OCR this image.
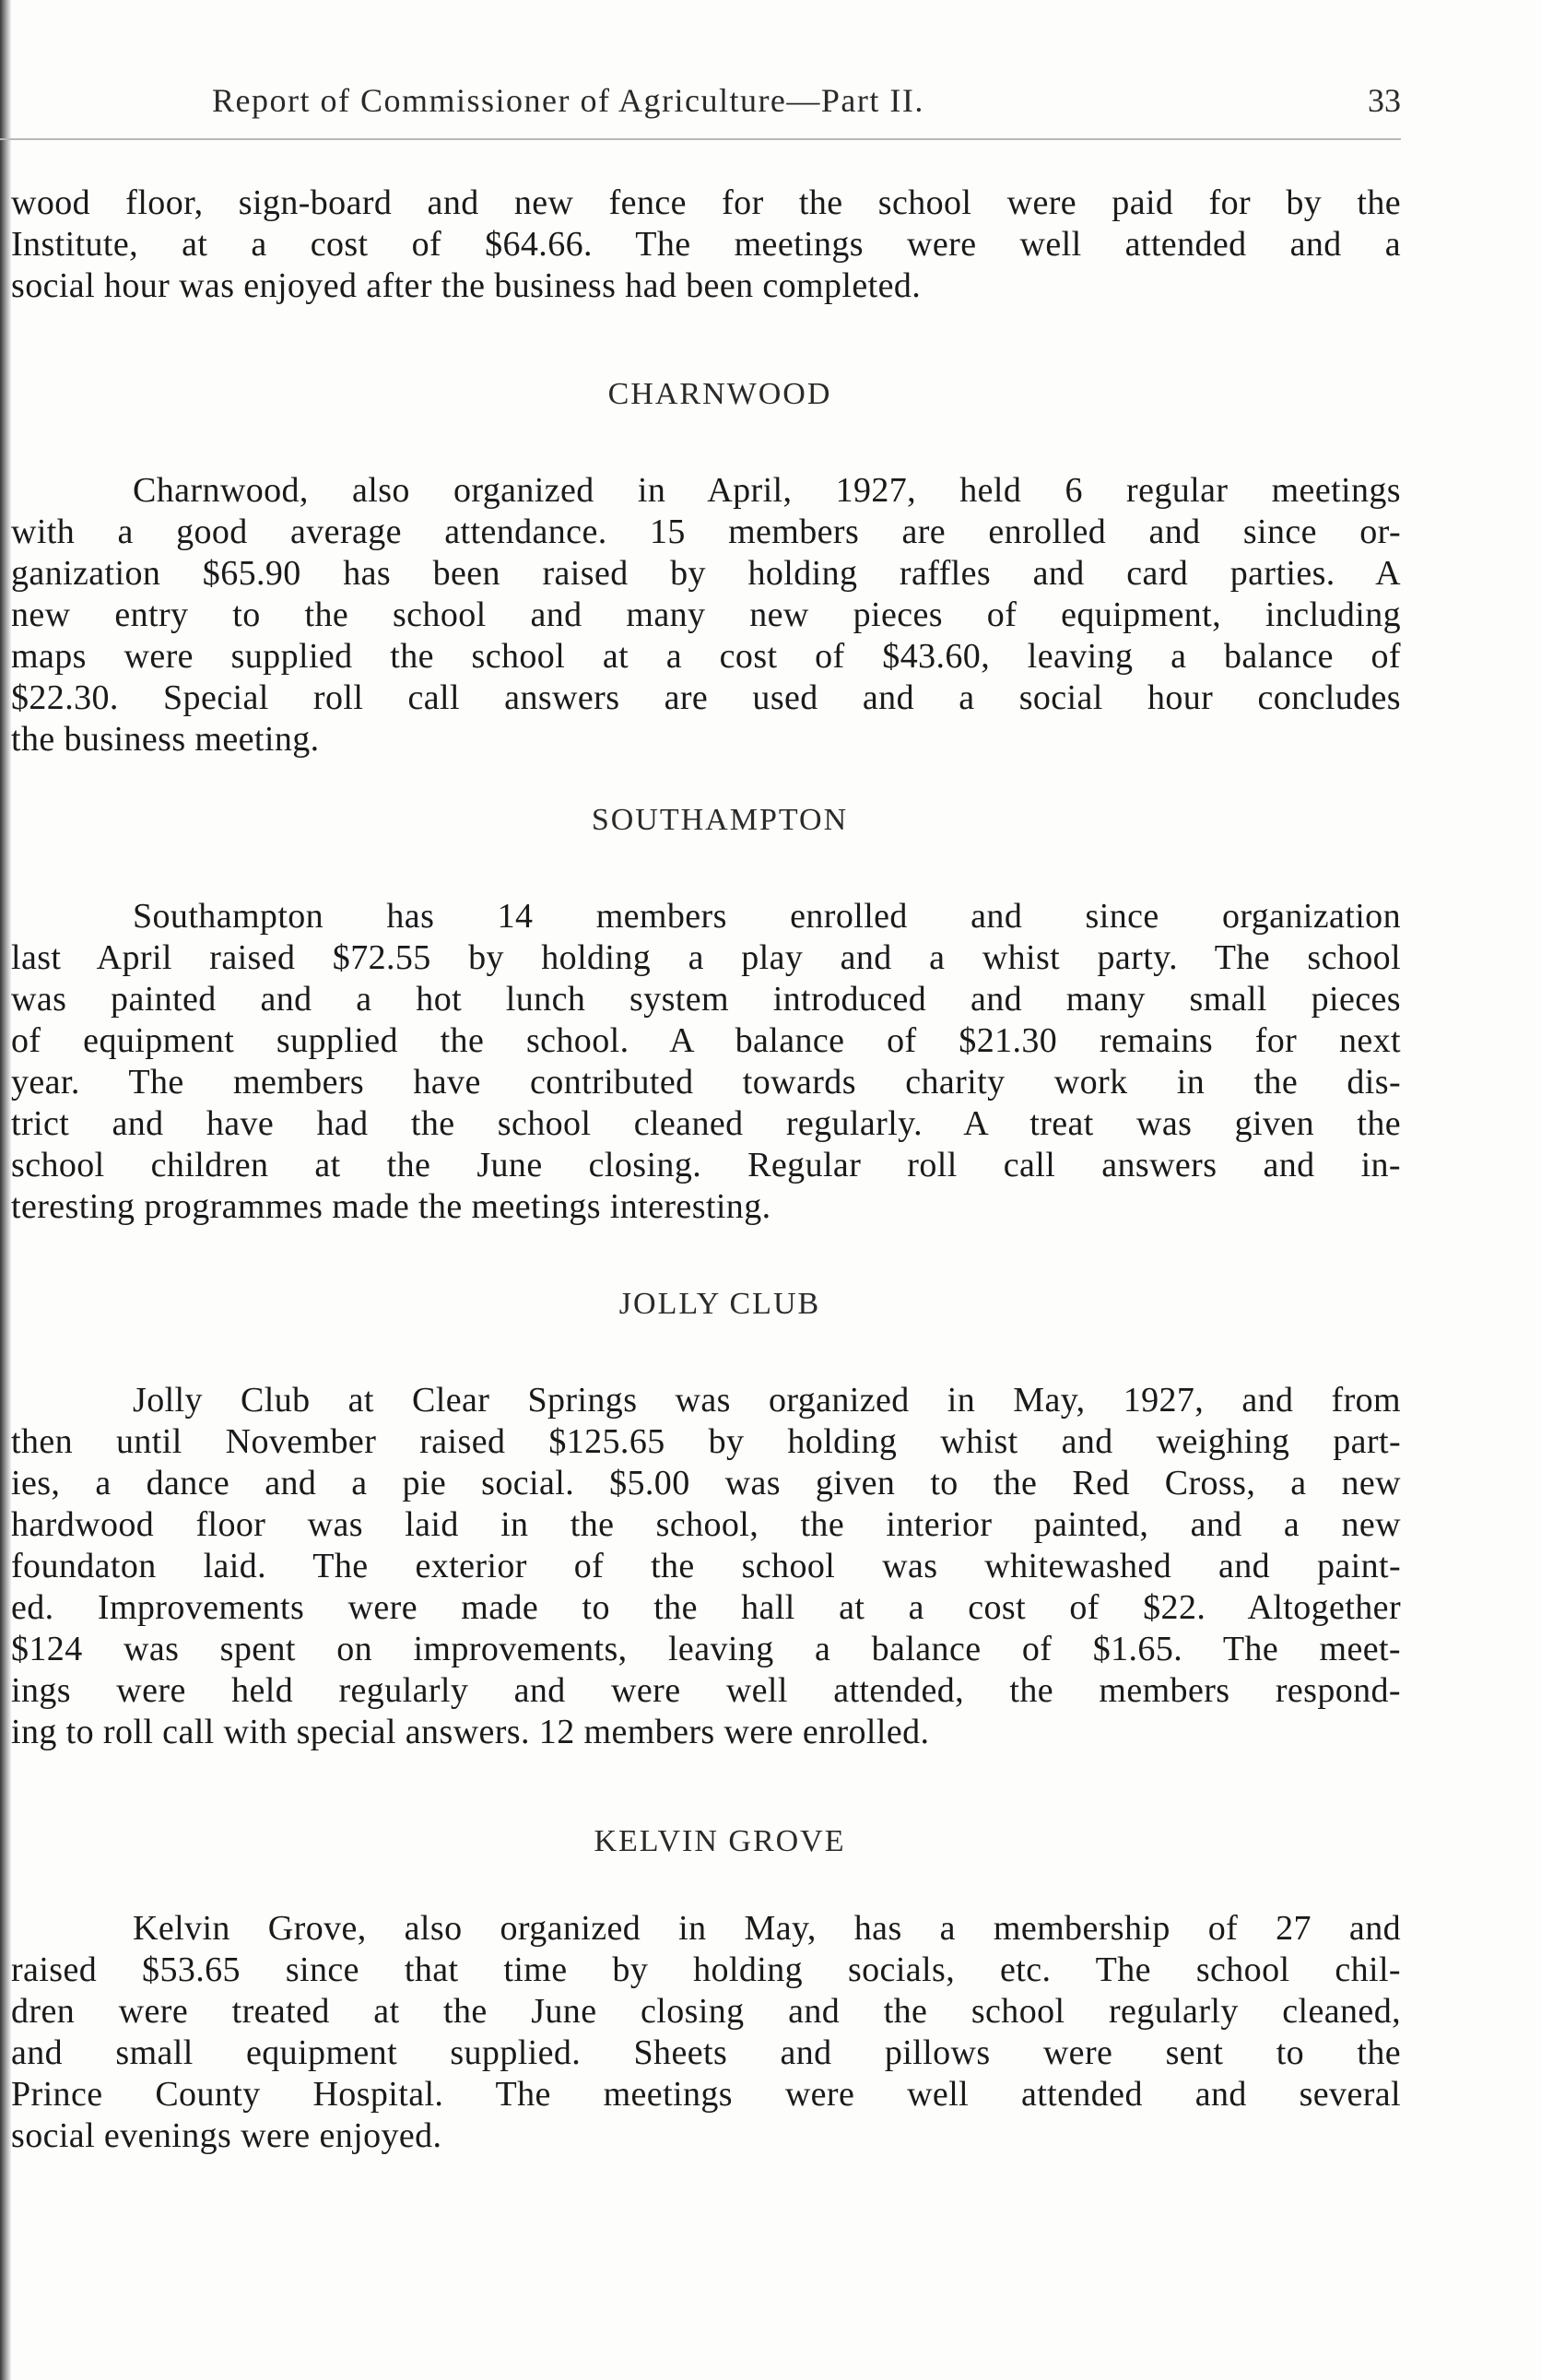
Report of Commissioner of Agriculture—Part II.	33
wood floor, sign-board and new fence for the school were paid for by the
Institute, at a cost of $64.66. The meetings were well attended and a
social hour was enjoyed after the business had been completed.
CHARNWOOD
Charnwood, also organized in April, 1927, held 6 regular meetings
with a good average attendance. 15 members are enrolled and since or-
ganization $65.90 has been raised by holding raffles and card parties. A
new entry to the school and many new pieces of equipment, including
maps were supplied the school at a cost of $43.60, leaving a balance of
$22.30. Special roll call answers are used and a social hour concludes
the business meeting.
SOUTHAMPTON
Southampton has 14 members enrolled and since organization
last April raised $72.55 by holding a play and a whist party. The school
was painted and a hot lunch system introduced and many small pieces
of equipment supplied the school. A balance of $21.30 remains for next
year. The members have contributed towards charity work in the dis-
trict and have had the school cleaned regularly. A treat was given the
school children at the June closing. Regular roll call answers and in-
teresting programmes made the meetings interesting.
JOLLY CLUB
Jolly Club at Clear Springs was organized in May, 1927, and from
then until November raised $125.65 by holding whist and weighing part-
ies, a dance and a pie social. $5.00 was given to the Red Cross, a new
hardwood floor was laid in the school, the interior painted, and a new
foundaton laid. The exterior of the school was whitewashed and paint-
ed. Improvements were made to the hall at a cost of $22. Altogether
$124 was spent on improvements, leaving a balance of $1.65. The meet-
ings were held regularly and were well attended, the members respond-
ing to roll call with special answers. 12 members were enrolled.
KELVIN GROVE
Kelvin Grove, also organized in May, has a membership of 27 and
raised $53.65 since that time by holding socials, etc. The school chil-
dren were treated at the June closing and the school regularly cleaned,
and small equipment supplied. Sheets and pillows were sent to the
Prince County Hospital. The meetings were well attended and several
social evenings were enjoyed.
